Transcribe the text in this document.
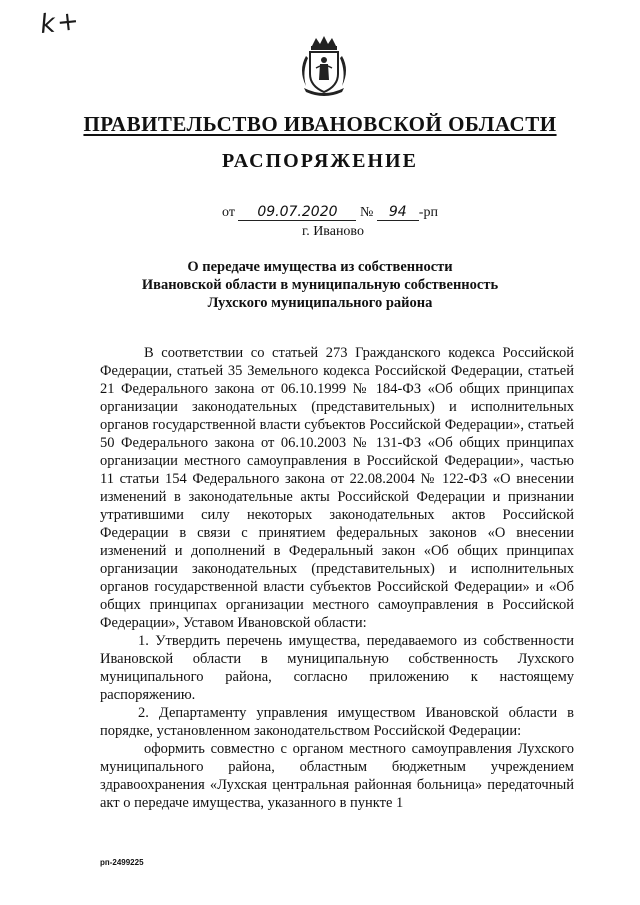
k+
ПРАВИТЕЛЬСТВО ИВАНОВСКОЙ ОБЛАСТИ
РАСПОРЯЖЕНИЕ
от 09.07.2020 № 94 -рп
г. Иваново
О передаче имущества из собственности
Ивановской области в муниципальную собственность
Лухского муниципального района

В соответствии со статьей 273 Гражданского кодекса Российской Федерации, статьей 35 Земельного кодекса Российской Федерации, статьей 21 Федерального закона от 06.10.1999 № 184-ФЗ «Об общих принципах организации законодательных (представительных) и исполнительных органов государственной власти субъектов Российской Федерации», статьей 50 Федерального закона от 06.10.2003 № 131-ФЗ «Об общих принципах организации местного самоуправления в Российской Федерации», частью 11 статьи 154 Федерального закона от 22.08.2004 № 122-ФЗ «О внесении изменений в законодательные акты Российской Федерации и признании утратившими силу некоторых законодательных актов Российской Федерации в связи с принятием федеральных законов «О внесении изменений и дополнений в Федеральный закон «Об общих принципах организации законодательных (представительных) и исполнительных органов государственной власти субъектов Российской Федерации» и «Об общих принципах организации местного самоуправления в Российской Федерации», Уставом Ивановской области:

1. Утвердить перечень имущества, передаваемого из собственности Ивановской области в муниципальную собственность Лухского муниципального района, согласно приложению к настоящему распоряжению.

2. Департаменту управления имуществом Ивановской области в порядке, установленном законодательством Российской Федерации:

оформить совместно с органом местного самоуправления Лухского муниципального района, областным бюджетным учреждением здравоохранения «Лухская центральная районная больница» передаточный акт о передаче имущества, указанного в пункте 1

рп-2499225
